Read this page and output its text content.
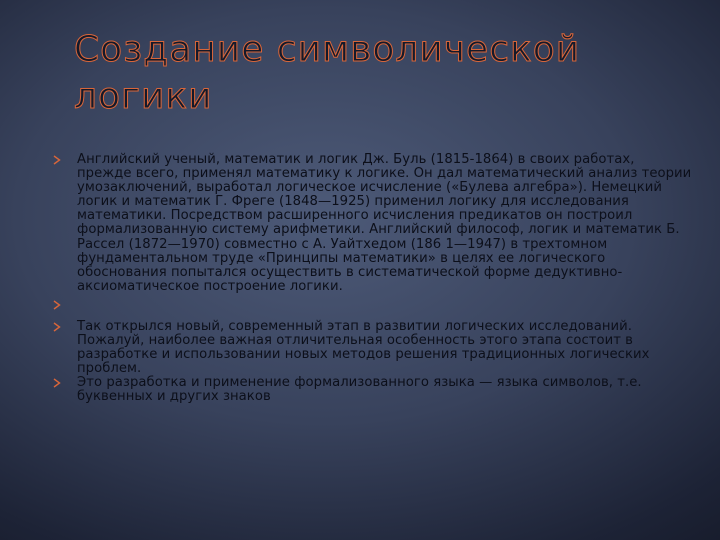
Создание символической логики
Английский ученый, математик и логик Дж. Буль (1815-1864) в своих работах, прежде всего, применял математику к логике. Он дал математический анализ теории умозаключений, выработал логическое исчисление («Булева алгебра»). Немецкий логик и математик Г. Фреге (1848—1925) применил логику для исследования математики. Посредством расширенного исчисления предикатов он построил формализованную систему арифметики. Английский философ, логик и математик Б. Рассел (1872—1970) совместно с А. Уайтхедом (186 1—1947) в трехтомном фундаментальном труде «Принципы математики» в целях ее логического обоснования попытался осуществить в систематической форме дедуктивно-аксиоматическое построение логики.
Так открылся новый, современный этап в развитии логических исследований. Пожалуй, наиболее важная отличительная особенность этого этапа состоит в разработке и использовании новых методов решения традиционных логических проблем.
Это разработка и применение формализованного языка — языка символов, т.е. буквенных и других знаков
